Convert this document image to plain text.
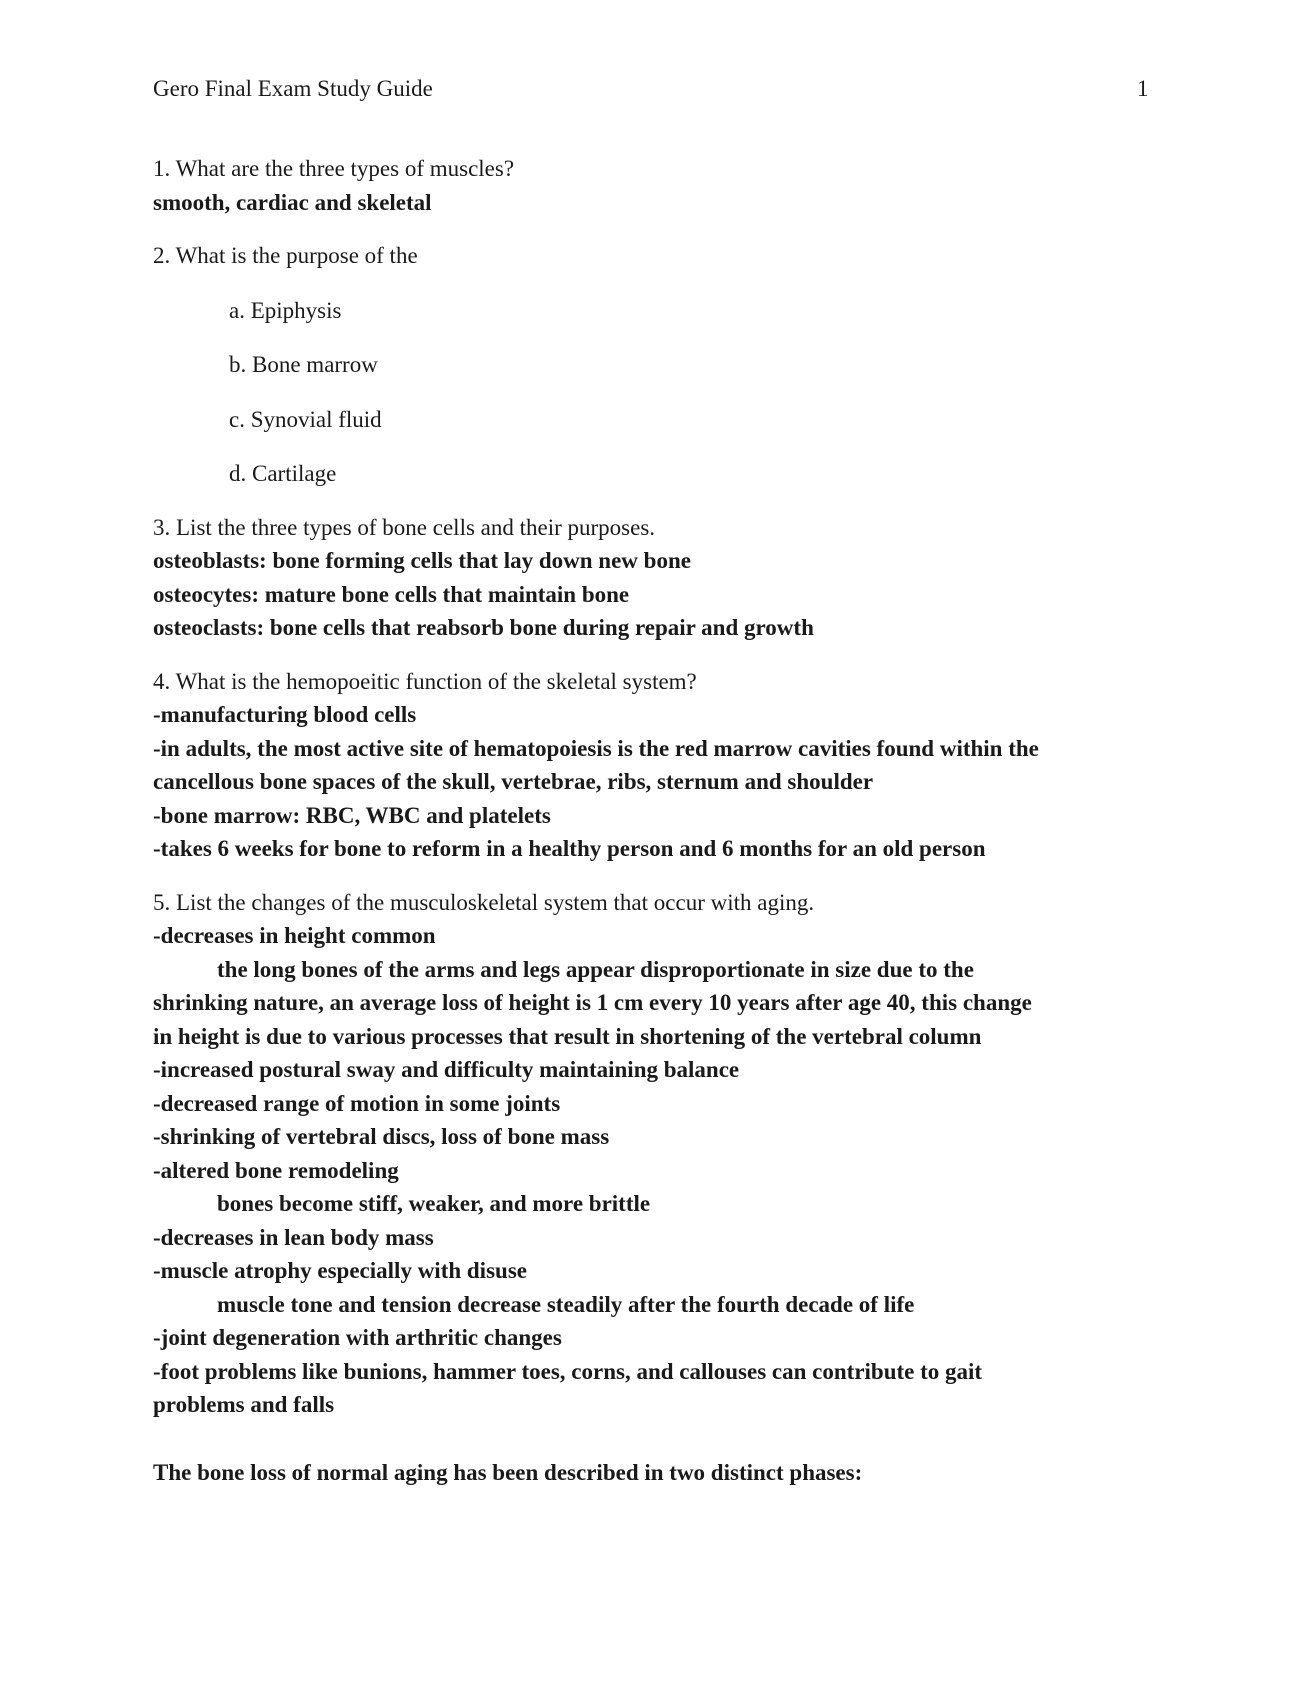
Gero Final Exam Study Guide	1
1. What are the three types of muscles?
smooth, cardiac and skeletal
2. What is the purpose of the
a. Epiphysis
b. Bone marrow
c. Synovial fluid
d. Cartilage
3. List the three types of bone cells and their purposes.
osteoblasts: bone forming cells that lay down new bone
osteocytes: mature bone cells that maintain bone
osteoclasts: bone cells that reabsorb bone during repair and growth
4. What is the hemopoeitic function of the skeletal system?
-manufacturing blood cells
-in adults, the most active site of hematopoiesis is the red marrow cavities found within the
cancellous bone spaces of the skull, vertebrae, ribs, sternum and shoulder
-bone marrow: RBC, WBC and platelets
-takes 6 weeks for bone to reform in a healthy person and 6 months for an old person
5. List the changes of the musculoskeletal system that occur with aging.
-decreases in height common
the long bones of the arms and legs appear disproportionate in size due to the
shrinking nature, an average loss of height is 1 cm every 10 years after age 40, this change
in height is due to various processes that result in shortening of the vertebral column
-increased postural sway and difficulty maintaining balance
-decreased range of motion in some joints
-shrinking of vertebral discs, loss of bone mass
-altered bone remodeling
bones become stiff, weaker, and more brittle
-decreases in lean body mass
-muscle atrophy especially with disuse
muscle tone and tension decrease steadily after the fourth decade of life
-joint degeneration with arthritic changes
-foot problems like bunions, hammer toes, corns, and callouses can contribute to gait
problems and falls
The bone loss of normal aging has been described in two distinct phases:
